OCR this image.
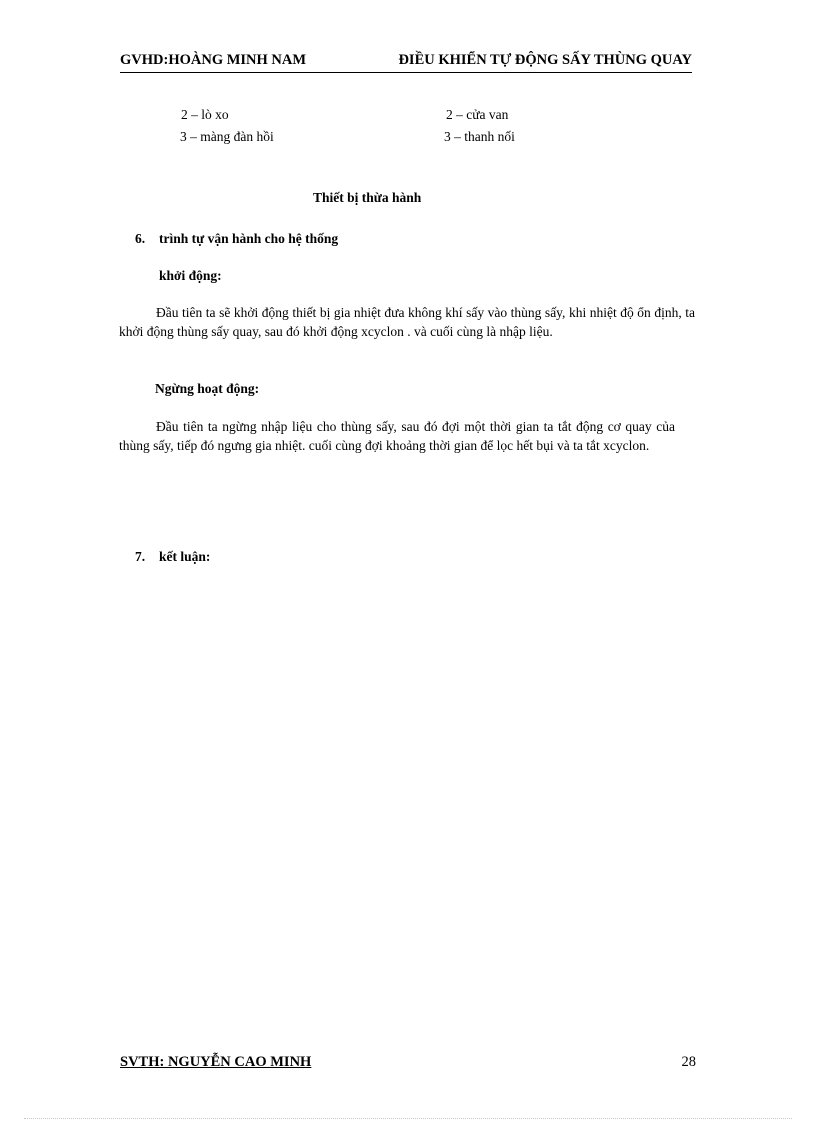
GVHD:HOÀNG MINH NAM	ĐIỀU KHIỂN TỰ ĐỘNG SẤY THÙNG QUAY
2 – lò xo
3 – màng đàn hồi
2 – cửa van
3 – thanh nối
Thiết bị thừa hành
6. trình tự vận hành cho hệ thống
khởi động:
Đầu tiên ta sẽ khởi động thiết bị gia nhiệt đưa không khí sấy vào thùng sấy, khi nhiệt độ ổn định, ta khởi động thùng sấy quay, sau đó khởi động xcyclon . và cuối cùng là nhập liệu.
Ngừng hoạt động:
Đầu tiên ta ngừng nhập liệu cho thùng sấy, sau đó đợi một thời gian ta tắt động cơ quay của thùng sấy, tiếp đó ngưng gia nhiệt. cuối cùng đợi khoảng thời gian để lọc hết bụi và ta tắt xcyclon.
7. kết luận:
SVTH: NGUYỄN CAO MINH	28
